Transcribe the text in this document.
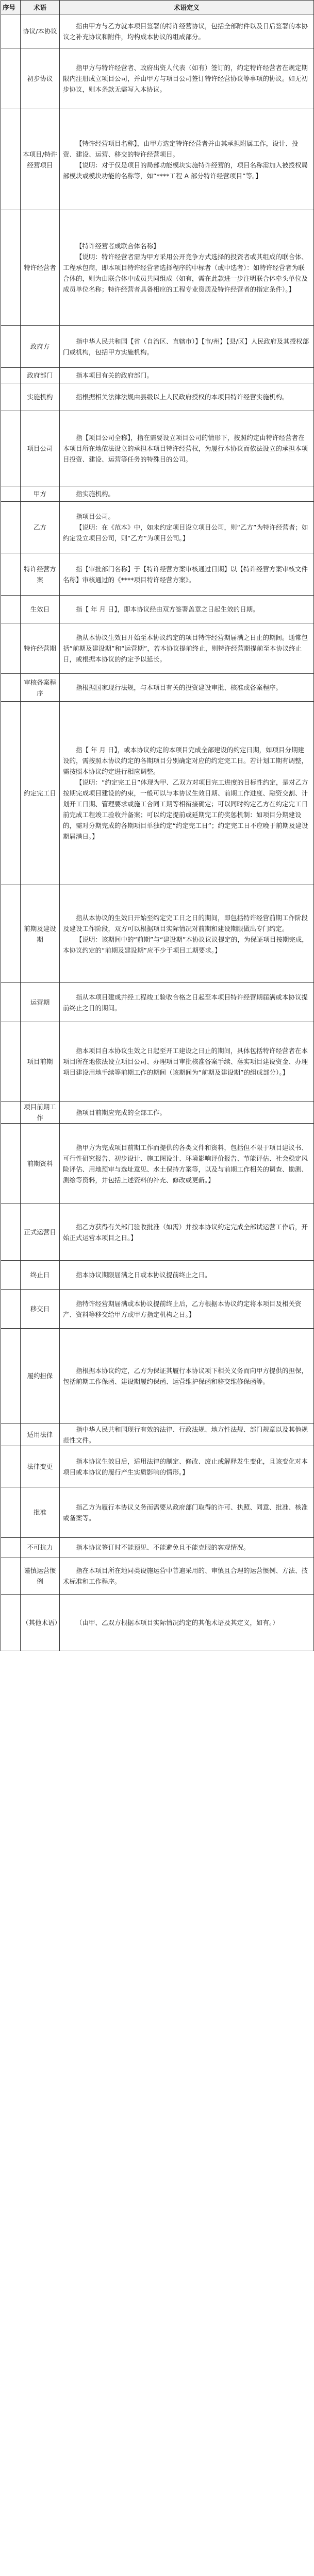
序号	术语	术语定义
	协议/本协议	指由甲方与乙方就本项目签署的特许经营协议，包括全部附件以及日后签署的本协议之补充协议和附件，均构成本协议的组成部分。

	初步协议	指甲方与特许经营者、政府出资人代表（如有）签订的，约定特许经营者在规定期限内注册成立项目公司，并由甲方与项目公司签订特许经营协议等事项的协议。如无初步协议，则本条款无需写入本协议。

	本项目/特许经营项目	【特许经营项目名称】，由甲方选定特许经营者并由其承担附属工作，设计、投资、建设、运营、移交的特许经营项目。

【说明：对于仅是项目的局部功能模块实施特许经营的，项目名称需加入被授权局部模块或模块功能的名称等，如“****工程 A 部分特许经营项目”等。】

	特许经营者	【特许经营者成联合体名称】

【说明：特许经营者需为甲方采用公开竞争方式选择的投资者或其组成的联合体、工程承包商，即本项目特许经营者选择程序的中标者（或中选者）：如特许经营者为联合体的，则为由联合体中成员共同组成（如有，需在此款进一步注明联合体牵头单位及成员单位名称；特许经营者具备相应的工程专业资质及特许经营者的指定条件）。】

	政府方	指中华人民共和国【省（自治区、直辖市）】【市/州】【县/区】人民政府及其授权部门或机构，包括甲方实施机构。

	政府部门	指本项目有关的政府部门。

	实施机构	指根据相关法律法规由县级以上人民政府授权的本项目特许经营实施机构。

	项目公司	指【项目公司全称】，指在需要设立项目公司的情形下，按照约定由特许经营者在本项目所在地依法设立的承担本项目特许经营权，为履行本协议而依法设立的承担本项目投资、建设、运营等任务的特殊目的公司。

	甲方	指实施机构。

	乙方	指项目公司。

【说明：在《范本》中，如未约定项目设立项目公司，则“乙方”为特许经营者；如约定设立项目公司，则“乙方”为项目公司。】

	特许经营方案	指【审批部门名称】于【特许经营方案审核通过日期】以【特许经营方案审核文件名称】审核通过的《****项目特许经营方案》。

	生效日	指【 年 月 日】，即本协议经由双方签署盖章之日起生效的日期。

	特许经营期	指从本协议生效日开始至本协议约定的项目特许经营期届满之日止的期间。通常包括“前期及建设期”和“运营期”，若本协议提前终止，则特许经营期提前至本协议终止日，或根据本协议的约定予以延长。

	审核备案程序	指根据国家现行法规，与本项目有关的投资建设审批、核准或备案程序。

	约定完工日	指【 年 月 日】，或本协议约定的本项目完成全部建设的约定日期，如项目分期建设的，需按照本协议约定的各期项目分别确定对应的约定完工日。若计划工期有调整，需按照本协议约定进行相应调整。

【说明：“约定完工日”体现为甲、乙双方对项目完工进度的目标性约定，是对乙方按期完成项目建设的约束，一般可以与本协议生效日期、前期工作进度、融资交割、计划开工日期、管理要求或施工合同工期等相衔接确定；可以同时约定乙方在约定完工日前完成工程竣工验收并备案；可以约定提前或延期完工的奖惩机制：如项目分期建设的，需对分期完成的各期项目单独约定“约定完工日”；约定完工日不应晚于前期及建设期届满日。】

	前期及建设期	指从本协议的生效日开始至约定完工日之日的期间，即包括特许经营前期工作阶段及建设工作阶段，双方可以根据项目实际情况对前期和建设期限做出专门约定。

【说明：该期间中的“前期”与“建设期”本协议议议提定的，为保证项目按期完成，本协议约定的“前期及建设期”应不少于项目工期要求。】

	运营期	指从本项目建成并经工程竣工验收合格之日起至本项目特许经营期届满或本协议提前终止之日的期间。

	项目前期	指本项目自本协议生效之日起至开工建设之日止的期间，具体包括特许经营者在本项目所在地依法设立项目公司、办理项目审批核准备案手续、落实项目建设资金、办理项目建设用地手续等前期工作的期间（该期间为“前期及建设期”的组成部分）。】

	项目前期工作	指项目前期应完成的全部工作。

	前期资料	指甲方为完成项目前期工作而提供的各类文件和资料，包括但不限于项目建议书、可行性研究报告、初步设计、施工图设计、环境影响评价报告、节能评估、社会稳定风险评估、用地预审与选址意见、水土保持方案等，以及与前期工作相关的调查、勘测、测绘等资料，并包括上述资料的补充、修改或更新。】

	正式运营日	指乙方获得有关部门验收批准（如需）并按本协议约定完成全部试运营工作后，开始正式运营本项目之日。】

	终止日	指本协议期限届满之日或本协议提前终止之日。

	移交日	指特许经营期届满或本协议提前终止后，乙方根据本协议约定将本项目及相关资产、资料等移交给甲方或甲方指定机构之日。】

	履约担保	指根据本协议约定，乙方为保证其履行本协议项下相关义务而向甲方提供的担保，包括前期工作保函、建设期履约保函、运营维护保函和移交维修保函等。

	适用法律	指中华人民共和国现行有效的法律、行政法规、地方性法规、部门规章以及其他规范性文件。

	法律变更	指本协议生效日后，适用法律的制定、修改、废止或解释发生变化，且该变化对本项目或本协议的履行产生实质影响的情形。】

	批准	指乙方为履行本协议义务而需要从政府部门取得的许可、执照、同意、批准、核准或备案等。

	不可抗力	指本协议签订时不能预见、不能避免且不能克服的客观情况。

	谨慎运营惯例	指在本项目所在地同类设施运营中普遍采用的、审慎且合理的运营惯例、方法、技术标准和工作程序。

	（其他术语）	（由甲、乙双方根据本项目实际情况约定的其他术语及其定义，如有。）
